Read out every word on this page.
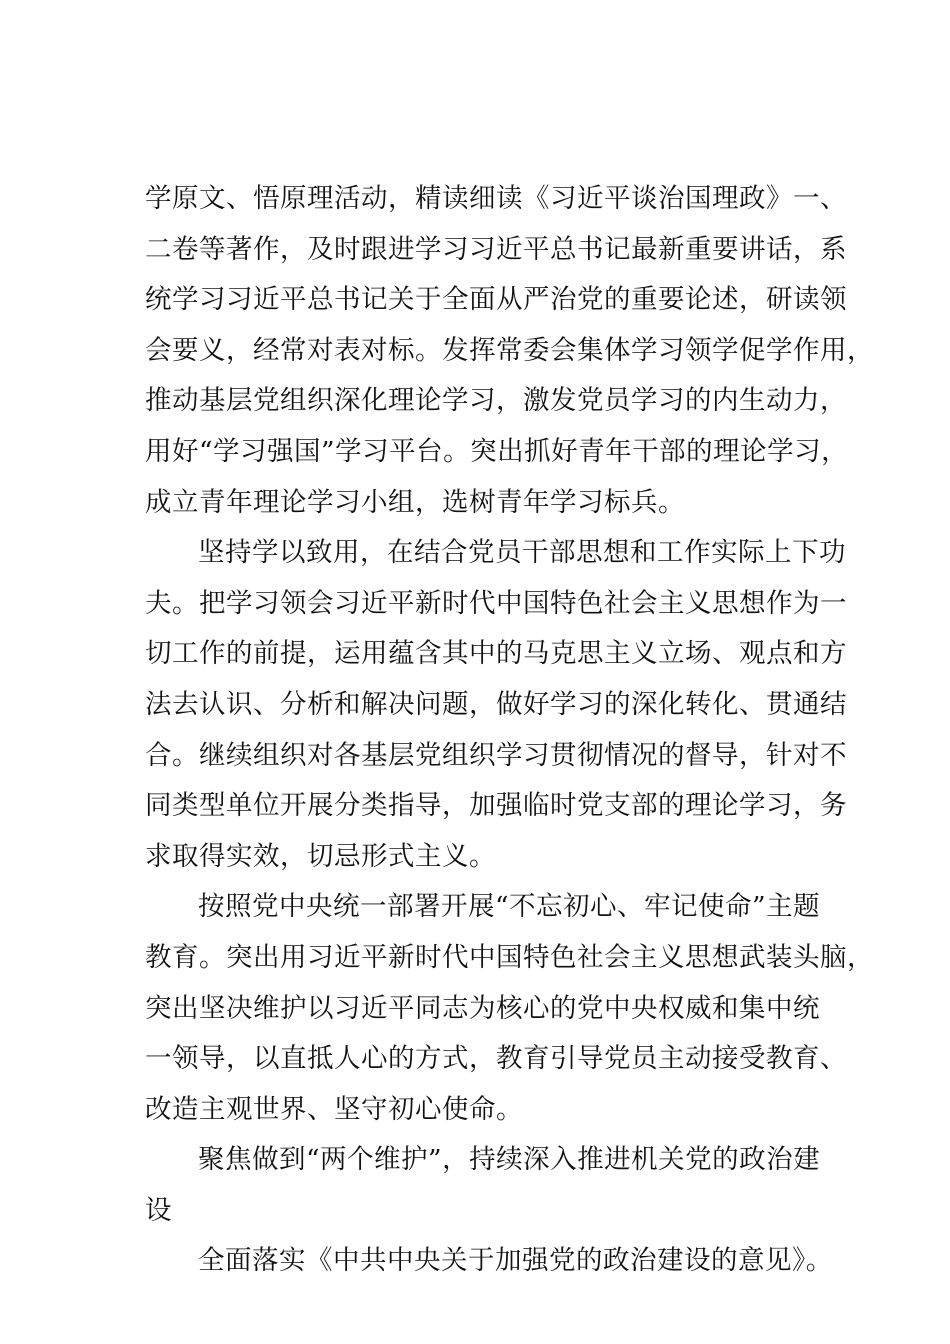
学原文、悟原理活动，精读细读《习近平谈治国理政》一、
二卷等著作，及时跟进学习习近平总书记最新重要讲话，系
统学习习近平总书记关于全面从严治党的重要论述，研读领
会要义，经常对表对标。发挥常委会集体学习领学促学作用，
推动基层党组织深化理论学习，激发党员学习的内生动力，
用好“学习强国”学习平台。突出抓好青年干部的理论学习，
成立青年理论学习小组，选树青年学习标兵。
坚持学以致用，在结合党员干部思想和工作实际上下功
夫。把学习领会习近平新时代中国特色社会主义思想作为一
切工作的前提，运用蕴含其中的马克思主义立场、观点和方
法去认识、分析和解决问题，做好学习的深化转化、贯通结
合。继续组织对各基层党组织学习贯彻情况的督导，针对不
同类型单位开展分类指导，加强临时党支部的理论学习，务
求取得实效，切忌形式主义。
按照党中央统一部署开展“不忘初心、牢记使命”主题
教育。突出用习近平新时代中国特色社会主义思想武装头脑，
突出坚决维护以习近平同志为核心的党中央权威和集中统
一领导，以直抵人心的方式，教育引导党员主动接受教育、
改造主观世界、坚守初心使命。
聚焦做到“两个维护”，持续深入推进机关党的政治建
设
全面落实《中共中央关于加强党的政治建设的意见》。
